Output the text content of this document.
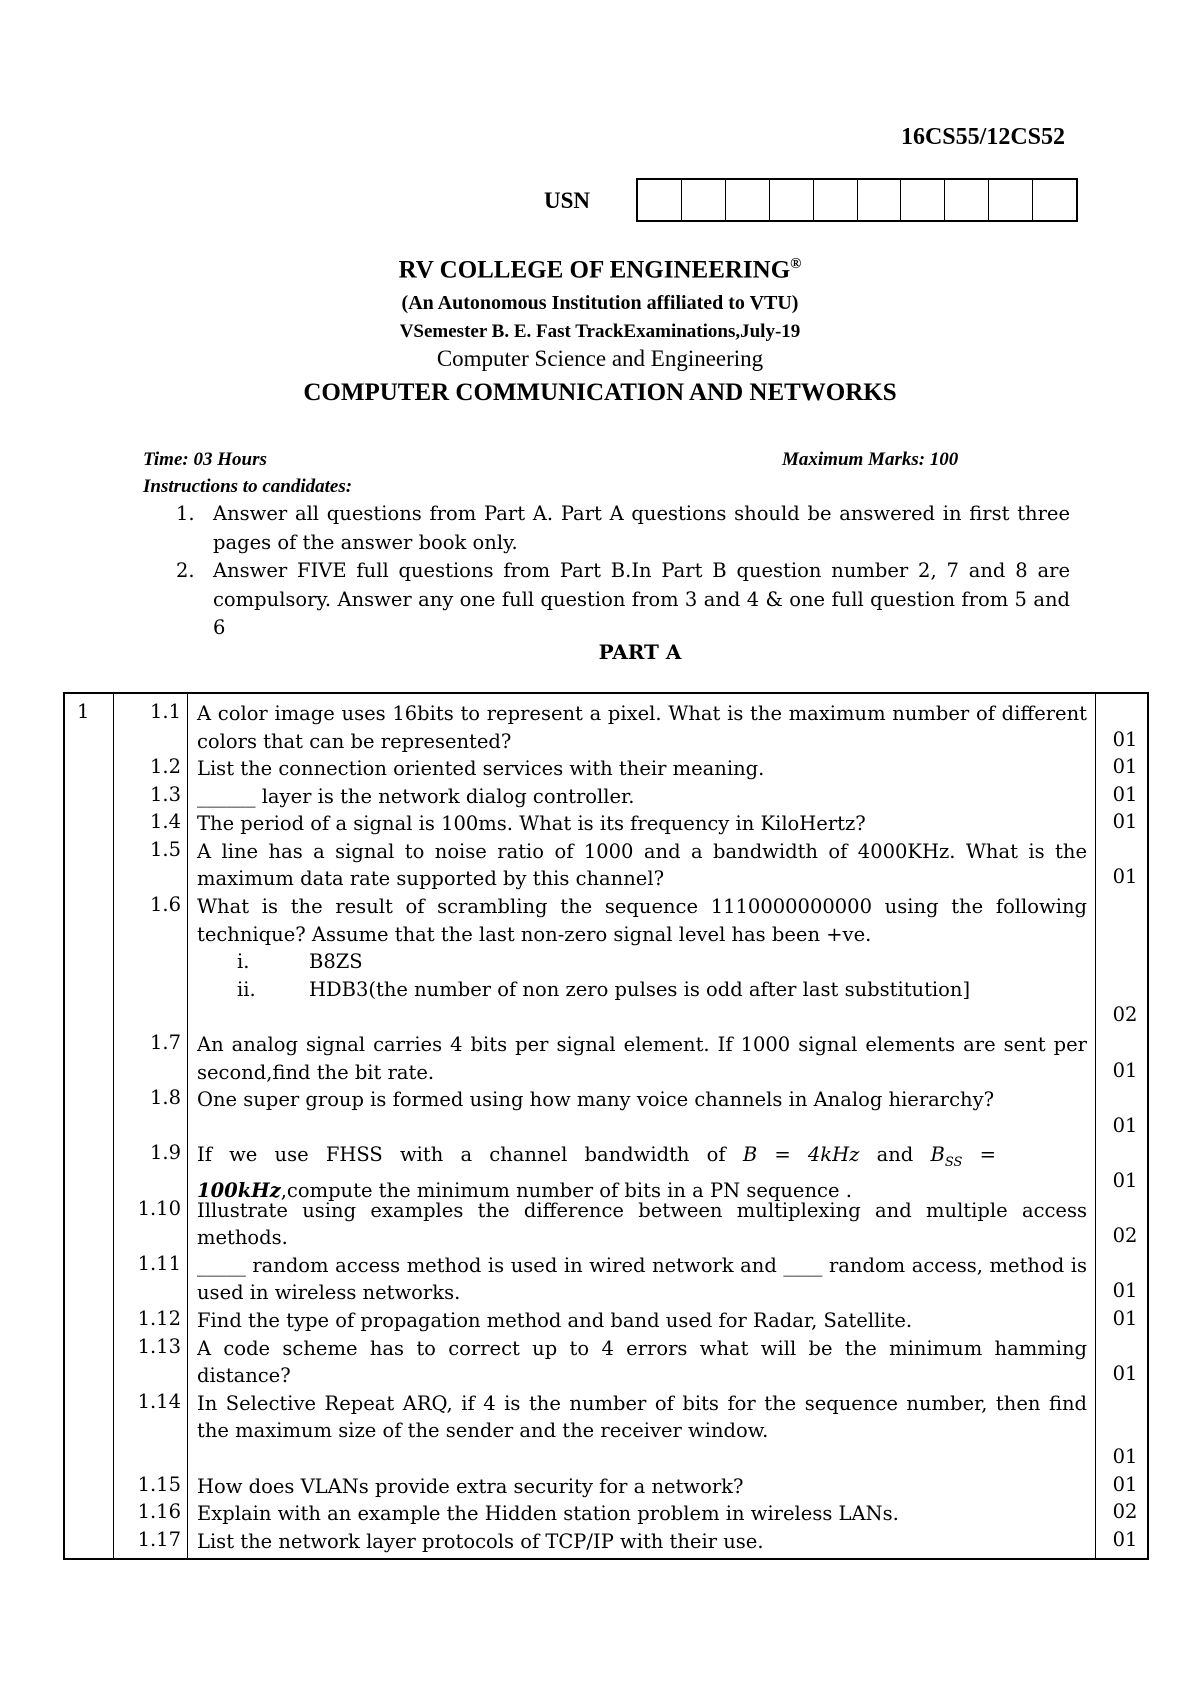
16CS55/12CS52
USN
RV COLLEGE OF ENGINEERING®
(An Autonomous Institution affiliated to VTU)
VSemester B. E. Fast TrackExaminations,July-19
Computer Science and Engineering
COMPUTER COMMUNICATION AND NETWORKS
Time: 03 Hours	Maximum Marks: 100
Instructions to candidates:
1. Answer all questions from Part A. Part A questions should be answered in first three pages of the answer book only.
2. Answer FIVE full questions from Part B.In Part B question number 2, 7 and 8 are compulsory. Answer any one full question from 3 and 4 & one full question from 5 and 6
PART A
1	1.1 A color image uses 16bits to represent a pixel. What is the maximum number of different colors that can be represented?	01
1.2 List the connection oriented services with their meaning.	01
1.3 ______ layer is the network dialog controller.	01
1.4 The period of a signal is 100ms. What is its frequency in KiloHertz?	01
1.5 A line has a signal to noise ratio of 1000 and a bandwidth of 4000KHz. What is the maximum data rate supported by this channel?	01
1.6 What is the result of scrambling the sequence 1110000000000 using the following technique? Assume that the last non-zero signal level has been +ve.
i.	B8ZS
ii.	HDB3(the number of non zero pulses is odd after last substitution]
02
1.7 An analog signal carries 4 bits per signal element. If 1000 signal elements are sent per second,find the bit rate.	01
1.8 One super group is formed using how many voice channels in Analog hierarchy?
01
1.9 If we use FHSS with a channel bandwidth of B = 4kHz and $B_{SS}$ =
100kHz,compute the minimum number of bits in a PN sequence .	01
1.10 Illustrate using examples the difference between multiplexing and multiple access methods.	02
1.11 _____ random access method is used in wired network and ____ random access, method is used in wireless networks.	01
1.12 Find the type of propagation method and band used for Radar, Satellite.	01
1.13 A code scheme has to correct up to 4 errors what will be the minimum hamming distance?	01
1.14 In Selective Repeat ARQ, if 4 is the number of bits for the sequence number, then find the maximum size of the sender and the receiver window.
01
1.15 How does VLANs provide extra security for a network?	01
1.16 Explain with an example the Hidden station problem in wireless LANs.	02
1.17 List the network layer protocols of TCP/IP with their use.	01
